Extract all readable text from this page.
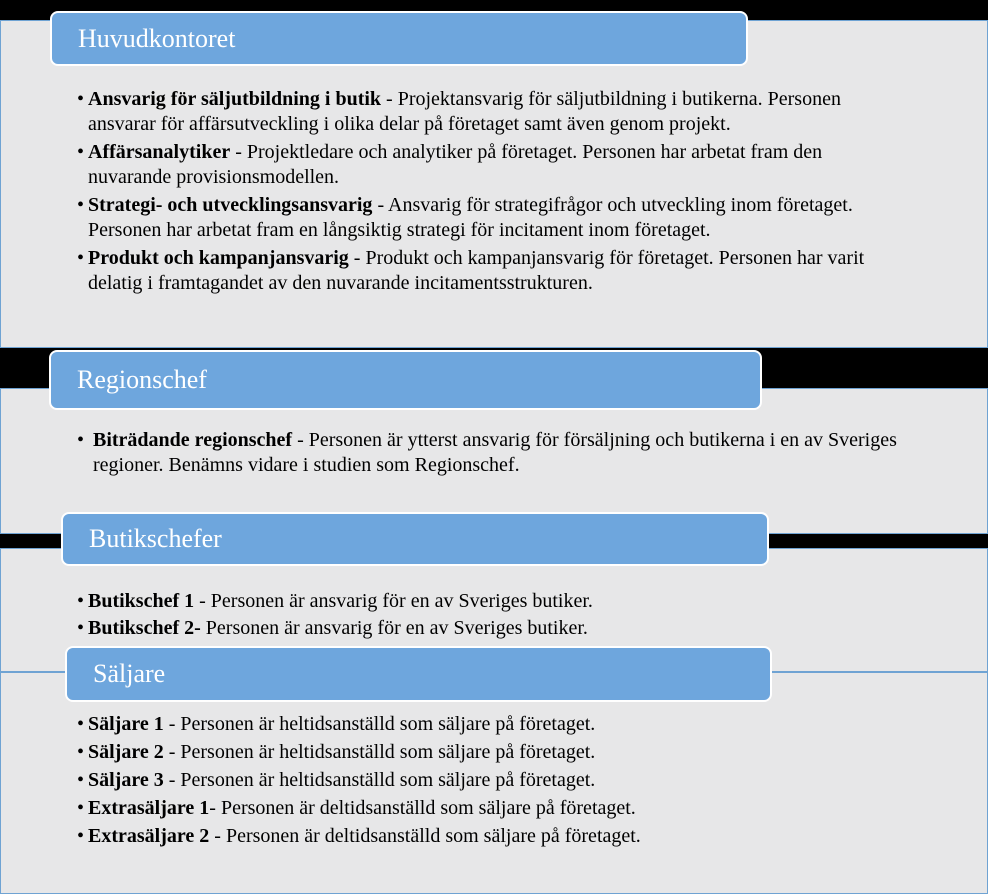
Huvudkontoret
• Ansvarig för säljutbildning i butik - Projektansvarig för säljutbildning i butikerna. Personen ansvarar för affärsutveckling i olika delar på företaget samt även genom projekt.
• Affärsanalytiker - Projektledare och analytiker på företaget. Personen har arbetat fram den nuvarande provisionsmodellen.
• Strategi- och utvecklingsansvarig - Ansvarig för strategifrågor och utveckling inom företaget. Personen har arbetat fram en långsiktig strategi för incitament inom företaget.
• Produkt och kampanjansvarig - Produkt och kampanjansvarig för företaget. Personen har varit delatig i framtagandet av den nuvarande incitamentsstrukturen.
Regionschef
• Biträdande regionschef - Personen är ytterst ansvarig för försäljning och butikerna i en av Sveriges regioner. Benämns vidare i studien som Regionschef.
Butikschefer
• Butikschef 1 - Personen är ansvarig för en av Sveriges butiker.
• Butikschef 2- Personen är ansvarig för en av Sveriges butiker.
Säljare
• Säljare 1 - Personen är heltidsanställd som säljare på företaget.
• Säljare 2 - Personen är heltidsanställd som säljare på företaget.
• Säljare 3 - Personen är heltidsanställd som säljare på företaget.
• Extrasäljare 1- Personen är deltidsanställd som säljare på företaget.
• Extrasäljare 2 - Personen är deltidsanställd som säljare på företaget.
